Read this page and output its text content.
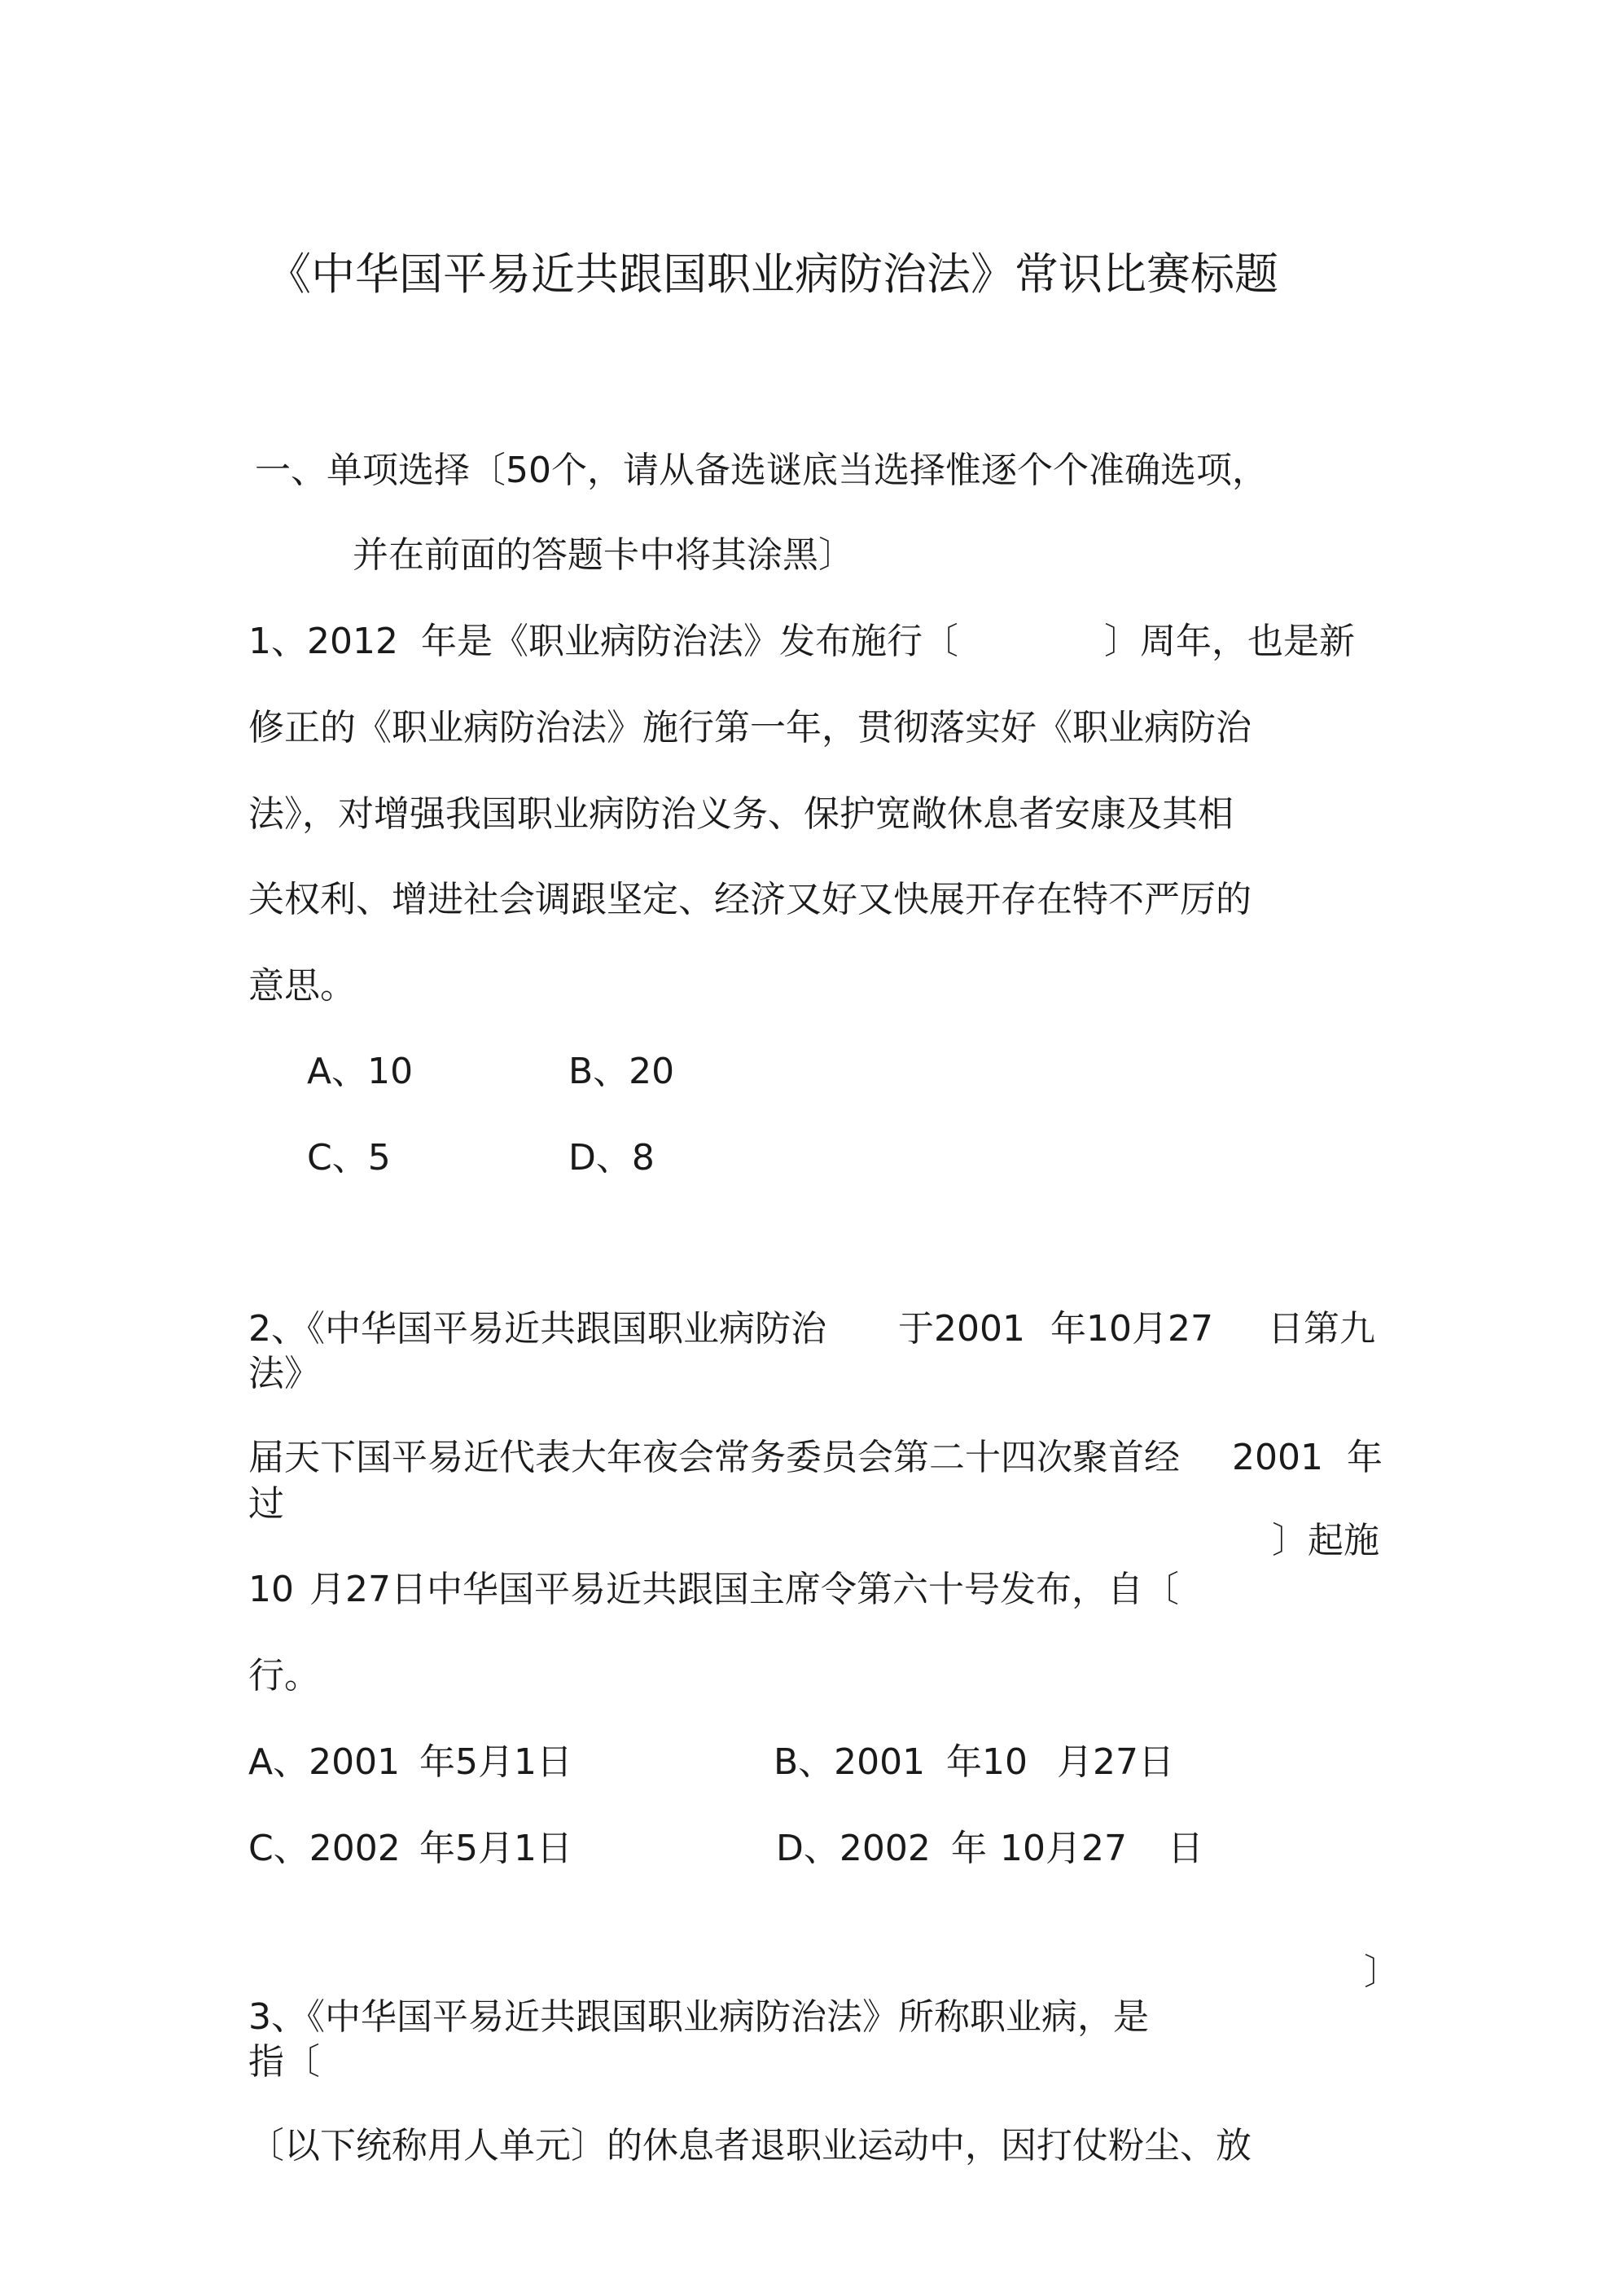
《中华国平易近共跟国职业病防治法》常识比赛标题
一、单项选择〔50个，请从备选谜底当选择惟逐个个准确选项，
并在前面的答题卡中将其涂黑〕
1、2012 年是《职业病防治法》发布施行〔	〕周年，也是新
修正的《职业病防治法》施行第一年，贯彻落实好《职业病防治
法》，对增强我国职业病防治义务、保护宽敞休息者安康及其相
关权利、增进社会调跟坚定、经济又好又快展开存在特不严厉的
意思。
A、10	B、20
C、5	D、8
2、《中华国平易近共跟国职业病防治
法》
于2001 年10月27 日第九
届天下国平易近代表大年夜会常务委员会第二十四次聚首经
过
2001 年
〕起施
10 月27日中华国平易近共跟国主席令第六十号发布，自〔
行。
A、2001 年5月1日	B、2001 年10 月27日
C、2002 年5月1日	D、2002 年 10月27 日
〕
3、《中华国平易近共跟国职业病防治法》所称职业病，是
指〔
〔以下统称用人单元〕的休息者退职业运动中，因打仗粉尘、放
